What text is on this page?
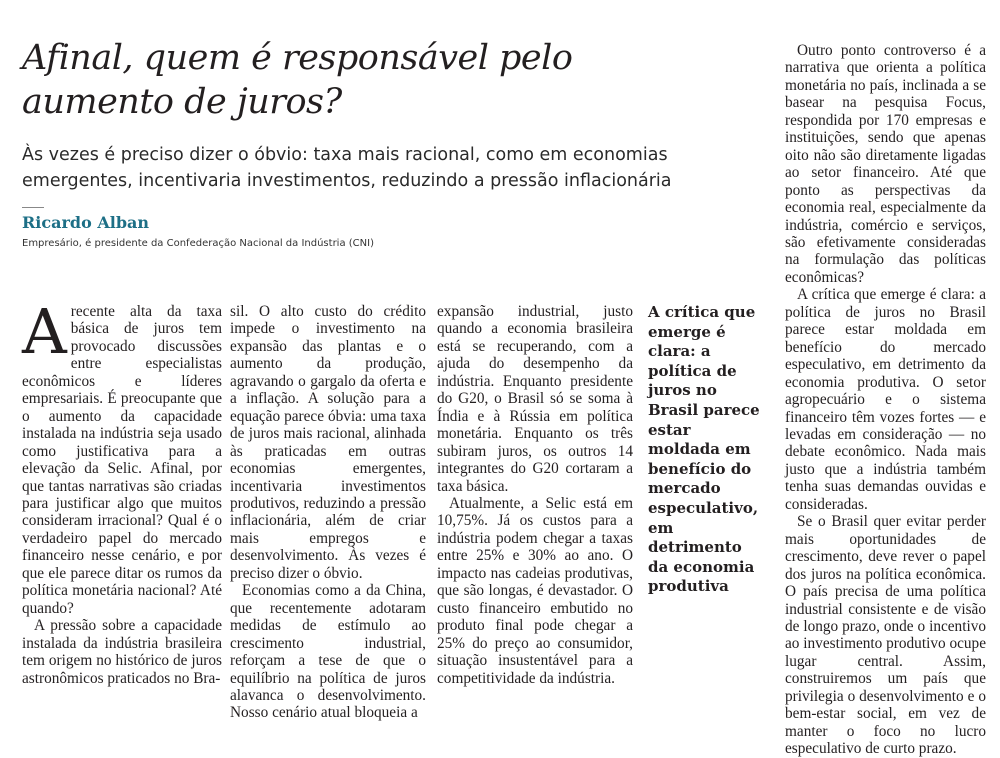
Afinal, quem é responsável pelo aumento de juros?

Às vezes é preciso dizer o óbvio: taxa mais racional, como em economias emergentes, incentivaria investimentos, reduzindo a pressão inflacionária

Ricardo Alban
Empresário, é presidente da Confederação Nacional da Indústria (CNI)

Arecente alta da taxa básica de juros tem provocado discussões entre especialistas econômicos e líderes empresariais. É preocupante que o aumento da capacidade instalada na indústria seja usado como justificativa para a elevação da Selic. Afinal, por que tantas narrativas são criadas para justificar algo que muitos consideram irracional? Qual é o verdadeiro papel do mercado financeiro nesse cenário, e por que ele parece ditar os rumos da política monetária nacional? Até quando?

A pressão sobre a capacidade instalada da indústria brasileira tem origem no histórico de juros astronômicos praticados no Bra-

sil. O alto custo do crédito impede o investimento na expansão das plantas e o aumento da produção, agravando o gargalo da oferta e a inflação. A solução para a equação parece óbvia: uma taxa de juros mais racional, alinhada às praticadas em outras economias emergentes, incentivaria investimentos produtivos, reduzindo a pressão inflacionária, além de criar mais empregos e desenvolvimento. Às vezes é preciso dizer o óbvio.

Economias como a da China, que recentemente adotaram medidas de estímulo ao crescimento industrial, reforçam a tese de que o equilíbrio na política de juros alavanca o desenvolvimento. Nosso cenário atual bloqueia a

expansão industrial, justo quando a economia brasileira está se recuperando, com a ajuda do desempenho da indústria. Enquanto presidente do G20, o Brasil só se soma à Índia e à Rússia em política monetária. Enquanto os três subiram juros, os outros 14 integrantes do G20 cortaram a taxa básica.

Atualmente, a Selic está em 10,75%. Já os custos para a indústria podem chegar a taxas entre 25% e 30% ao ano. O impacto nas cadeias produtivas, que são longas, é devastador. O custo financeiro embutido no produto final pode chegar a 25% do preço ao consumidor, situação insustentável para a competitividade da indústria.

A crítica que emerge é clara: a política de juros no Brasil parece estar moldada em benefício do mercado especulativo, em detrimento da economia produtiva

Outro ponto controverso é a narrativa que orienta a política monetária no país, inclinada a se basear na pesquisa Focus, respondida por 170 empresas e instituições, sendo que apenas oito não são diretamente ligadas ao setor financeiro. Até que ponto as perspectivas da economia real, especialmente da indústria, comércio e serviços, são efetivamente consideradas na formulação das políticas econômicas?

A crítica que emerge é clara: a política de juros no Brasil parece estar moldada em benefício do mercado especulativo, em detrimento da economia produtiva. O setor agropecuário e o sistema financeiro têm vozes fortes — e levadas em consideração — no debate econômico. Nada mais justo que a indústria também tenha suas demandas ouvidas e consideradas.

Se o Brasil quer evitar perder mais oportunidades de crescimento, deve rever o papel dos juros na política econômica. O país precisa de uma política industrial consistente e de visão de longo prazo, onde o incentivo ao investimento produtivo ocupe lugar central. Assim, construiremos um país que privilegia o desenvolvimento e o bem-estar social, em vez de manter o foco no lucro especulativo de curto prazo.
